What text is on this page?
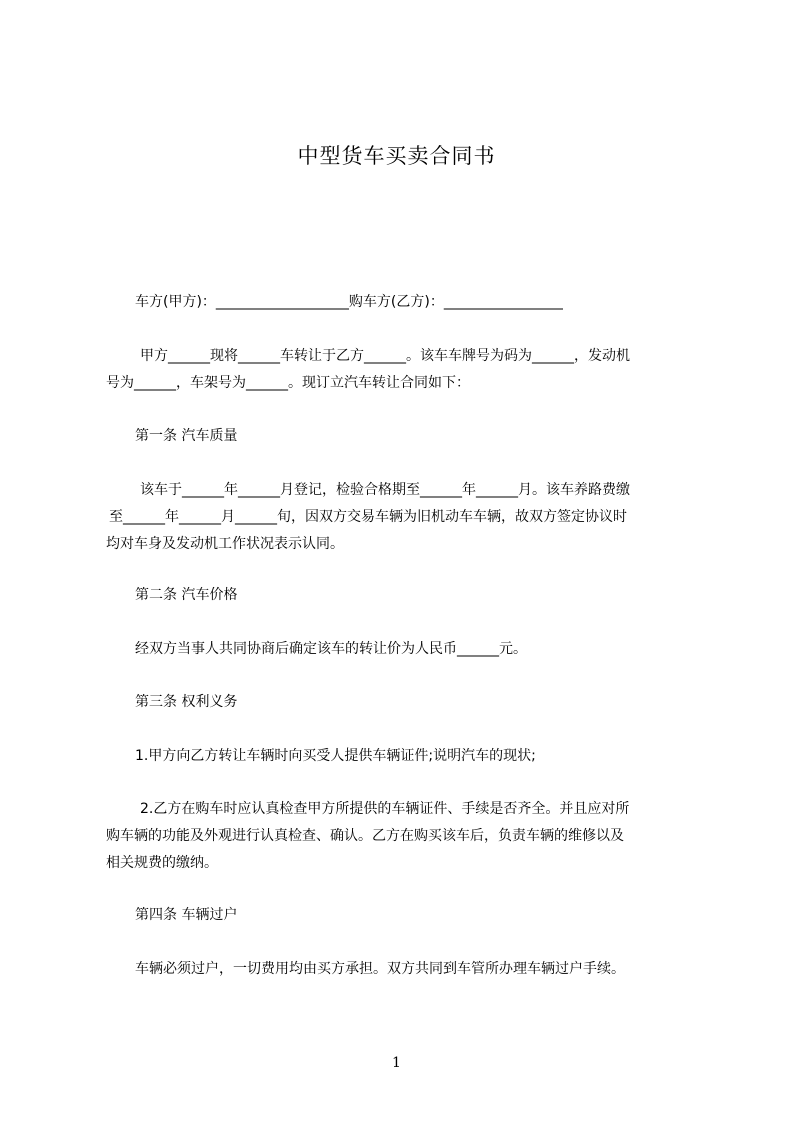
中型货车买卖合同书
车方(甲方)：___________________购车方(乙方)：_________________
甲方______现将______车转让于乙方______。该车车牌号为码为______，发动机
号为______，车架号为______。现订立汽车转让合同如下：
第一条 汽车质量
该车于______年______月登记，检验合格期至______年______月。该车养路费缴
至______年______月______旬，因双方交易车辆为旧机动车车辆，故双方签定协议时
均对车身及发动机工作状况表示认同。
第二条 汽车价格
经双方当事人共同协商后确定该车的转让价为人民币______元。
第三条 权利义务
1.甲方向乙方转让车辆时向买受人提供车辆证件;说明汽车的现状;
2.乙方在购车时应认真检查甲方所提供的车辆证件、手续是否齐全。并且应对所
购车辆的功能及外观进行认真检查、确认。乙方在购买该车后，负责车辆的维修以及
相关规费的缴纳。
第四条 车辆过户
车辆必须过户，一切费用均由买方承担。双方共同到车管所办理车辆过户手续。
1
